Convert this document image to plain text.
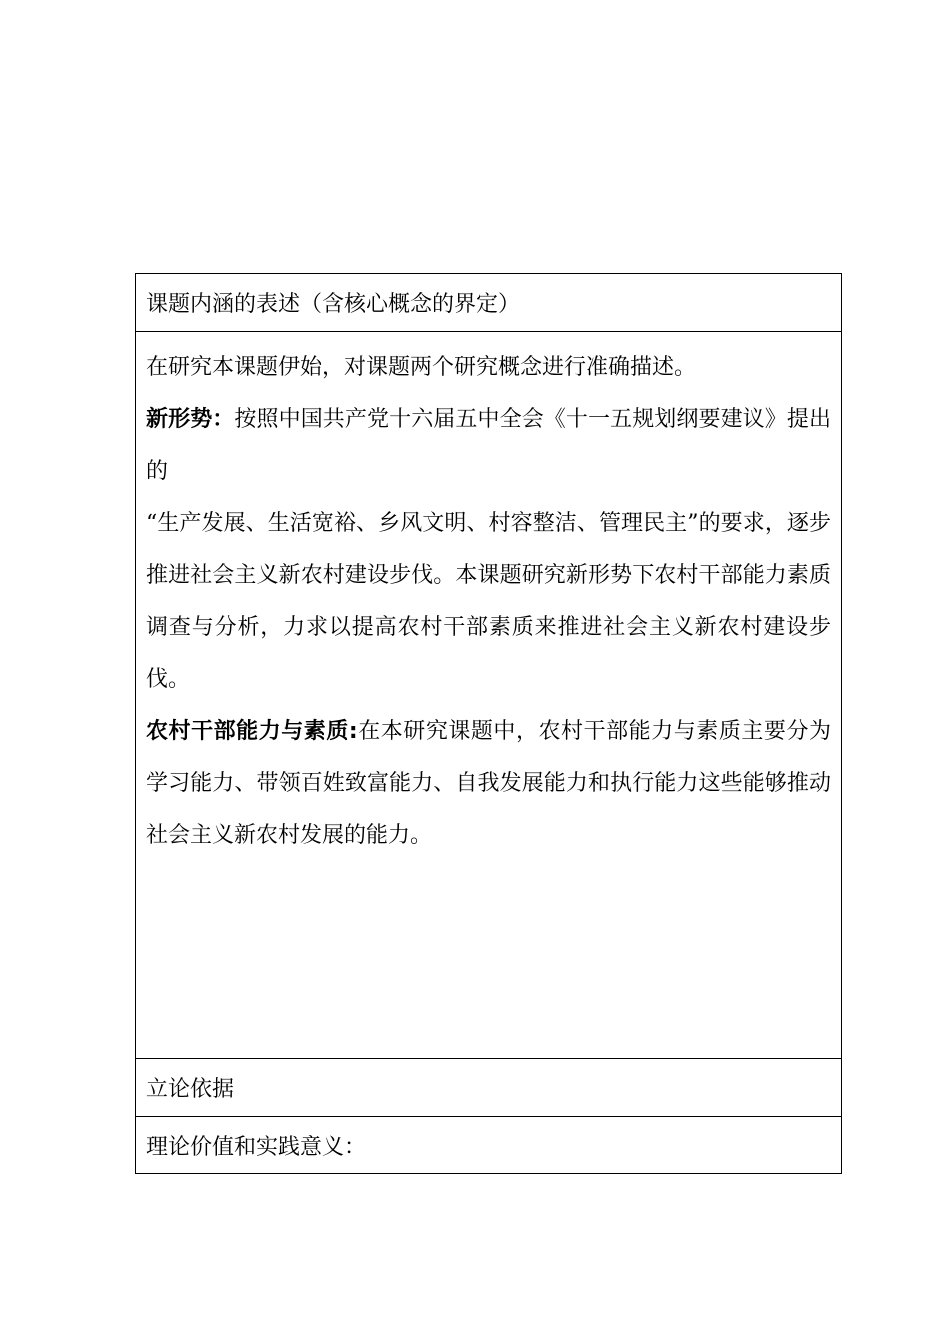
课题内涵的表述（含核心概念的界定）

在研究本课题伊始，对课题两个研究概念进行准确描述。

新形势：按照中国共产党十六届五中全会《十一五规划纲要建议》提出的

“生产发展、生活宽裕、乡风文明、村容整洁、管理民主”的要求，逐步推进社会主义新农村建设步伐。本课题研究新形势下农村干部能力素质调查与分析，力求以提高农村干部素质来推进社会主义新农村建设步伐。

农村干部能力与素质:在本研究课题中，农村干部能力与素质主要分为学习能力、带领百姓致富能力、自我发展能力和执行能力这些能够推动社会主义新农村发展的能力。

立论依据
理论价值和实践意义：
